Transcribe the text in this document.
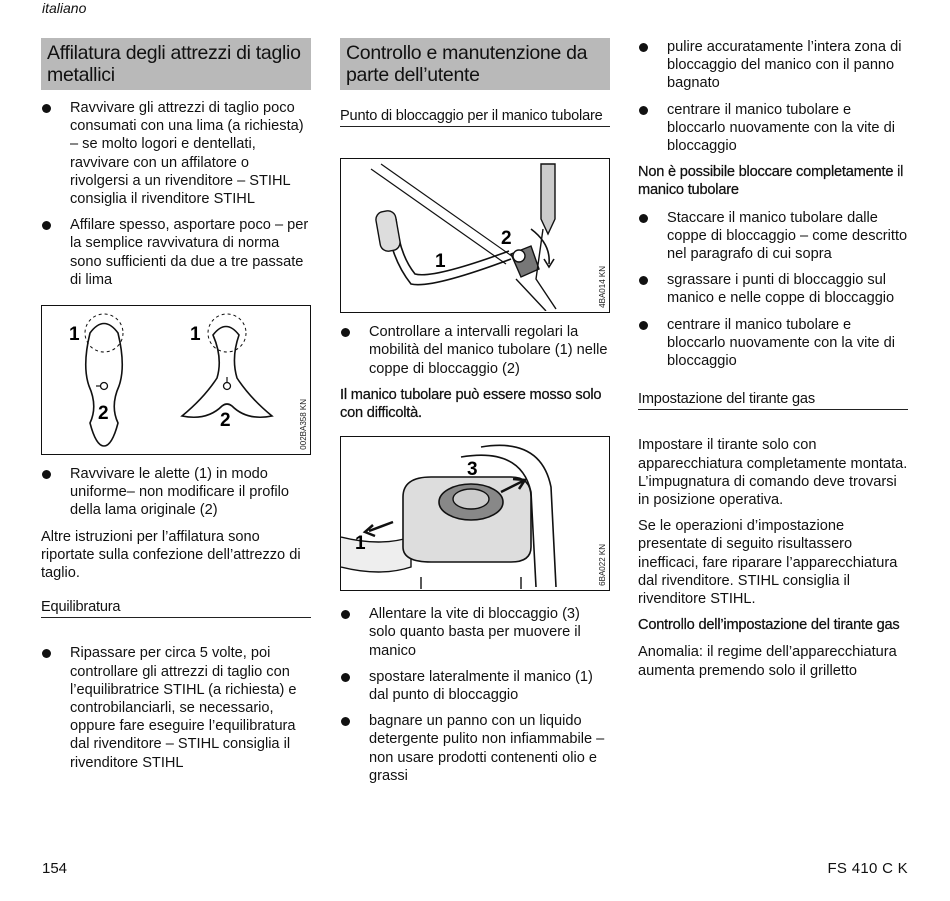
italiano
Affilatura degli attrezzi di taglio metallici
Ravvivare gli attrezzi di taglio poco consumati con una lima (a richiesta) – se molto logori e dentellati, ravvivare con un affilatore o rivolgersi a un rivenditore – STIHL consiglia il rivenditore STIHL
Affilare spesso, asportare poco – per la semplice ravvivatura di norma sono sufficienti da due a tre passate di lima
1
2
1
2	002BA358 KN
Ravvivare le alette (1) in modo uniforme– non modificare il profilo della lama originale (2)
Altre istruzioni per l’affilatura sono riportate sulla confezione dell’attrezzo di taglio.
Equilibratura
Ripassare per circa 5 volte, poi controllare gli attrezzi di taglio con l’equilibratrice STIHL (a richiesta) e controbilanciarli, se necessario, oppure fare eseguire l’equilibratura dal rivenditore – STIHL consiglia il rivenditore STIHL
Controllo e manutenzione da parte dell’utente
Punto di bloccaggio per il manico tubolare
1
2
4BA014 KN
Controllare a intervalli regolari la mobilità del manico tubolare (1) nelle coppe di bloccaggio (2)
Il manico tubolare può essere mosso solo con difficoltà.
1
3
6BA022 KN
Allentare la vite di bloccaggio (3) solo quanto basta per muovere il manico
spostare lateralmente il manico (1) dal punto di bloccaggio
bagnare un panno con un liquido detergente pulito non infiammabile – non usare prodotti contenenti olio e grassi
pulire accuratamente l’intera zona di bloccaggio del manico con il panno bagnato
centrare il manico tubolare e bloccarlo nuovamente con la vite di bloccaggio
Non è possibile bloccare completamente il manico tubolare
Staccare il manico tubolare dalle coppe di bloccaggio – come descritto nel paragrafo di cui sopra
sgrassare i punti di bloccaggio sul manico e nelle coppe di bloccaggio
centrare il manico tubolare e bloccarlo nuovamente con la vite di bloccaggio
Impostazione del tirante gas
Impostare il tirante solo con apparecchiatura completamente montata. L’impugnatura di comando deve trovarsi in posizione operativa.
Se le operazioni d’impostazione presentate di seguito risultassero inefficaci, fare riparare l’apparecchiatura dal rivenditore. STIHL consiglia il rivenditore STIHL.
Controllo dell’impostazione del tirante gas
Anomalia: il regime dell’apparecchiatura aumenta premendo solo il grilletto
154	FS 410 C K
